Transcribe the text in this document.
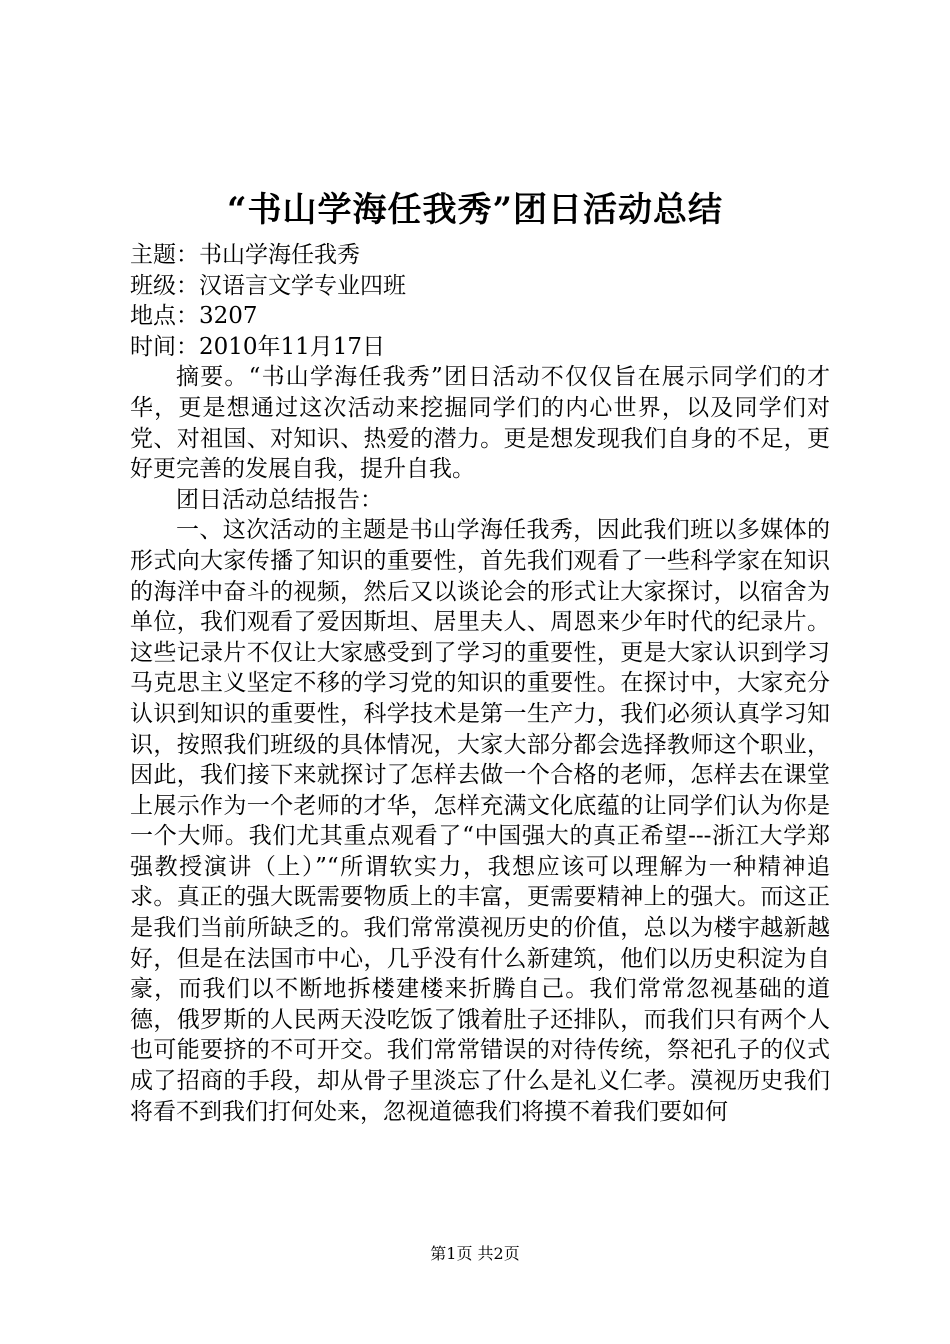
“书山学海任我秀”团日活动总结

主题：书山学海任我秀

班级：汉语言文学专业四班

地点：3207

时间：2010年11月17日

摘要。“书山学海任我秀”团日活动不仅仅旨在展示同学们的才华，更是想通过这次活动来挖掘同学们的内心世界，以及同学们对党、对祖国、对知识、热爱的潜力。更是想发现我们自身的不足，更好更完善的发展自我，提升自我。

团日活动总结报告：

一、这次活动的主题是书山学海任我秀，因此我们班以多媒体的形式向大家传播了知识的重要性，首先我们观看了一些科学家在知识的海洋中奋斗的视频，然后又以谈论会的形式让大家探讨，以宿舍为单位，我们观看了爱因斯坦、居里夫人、周恩来少年时代的纪录片。这些记录片不仅让大家感受到了学习的重要性，更是大家认识到学习马克思主义坚定不移的学习党的知识的重要性。在探讨中，大家充分认识到知识的重要性，科学技术是第一生产力，我们必须认真学习知识，按照我们班级的具体情况，大家大部分都会选择教师这个职业，因此，我们接下来就探讨了怎样去做一个合格的老师，怎样去在课堂上展示作为一个老师的才华，怎样充满文化底蕴的让同学们认为你是一个大师。我们尤其重点观看了“中国强大的真正希望---浙江大学郑强教授演讲（上）”“所谓软实力，我想应该可以理解为一种精神追求。真正的强大既需要物质上的丰富，更需要精神上的强大。而这正是我们当前所缺乏的。我们常常漠视历史的价值，总以为楼宇越新越好，但是在法国市中心，几乎没有什么新建筑，他们以历史积淀为自豪，而我们以不断地拆楼建楼来折腾自己。我们常常忽视基础的道德，俄罗斯的人民两天没吃饭了饿着肚子还排队，而我们只有两个人也可能要挤的不可开交。我们常常错误的对待传统，祭祀孔子的仪式成了招商的手段，却从骨子里淡忘了什么是礼义仁孝。漠视历史我们将看不到我们打何处来，忽视道德我们将摸不着我们要如何

第1页 共2页
